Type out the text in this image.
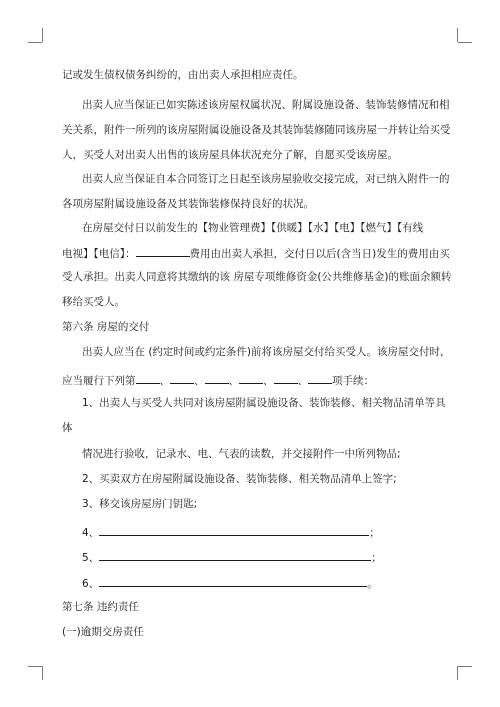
记或发生债权债务纠纷的，由出卖人承担相应责任。
出卖人应当保证已如实陈述该房屋权属状况、附属设施设备、装饰装修情况和相
关关系，附件一所列的该房屋附属设施设备及其装饰装修随同该房屋一并转让给买受
人，买受人对出卖人出售的该房屋具体状况充分了解，自愿买受该房屋。
出卖人应当保证自本合同签订之日起至该房屋验收交接完成，对已纳入附件一的
各项房屋附属设施设备及其装饰装修保持良好的状况。
在房屋交付日以前发生的【物业管理费】【供暖】【水】【电】【燃气】【有线
电视】【电信】：	费用由出卖人承担，交付日以后(含当日)发生的费用由买
受人承担。出卖人同意将其缴纳的该 房屋专项维修资金(公共维修基金)的账面余额转
移给买受人。
第六条 房屋的交付
出卖人应当在 (约定时间或约定条件)前将该房屋交付给买受人。该房屋交付时，
应当履行下列第 、 、 、 、 、 项手续：
1、出卖人与买受人共同对该房屋附属设施设备、装饰装修、相关物品清单等具
体
情况进行验收，记录水、电、气表的读数，并交接附件一中所列物品;
2、买卖双方在房屋附属设施设备、装饰装修、相关物品清单上签字;
3、移交该房屋房门钥匙;
4、	；
5、	；
6、	。
第七条 违约责任
(一)逾期交房责任
